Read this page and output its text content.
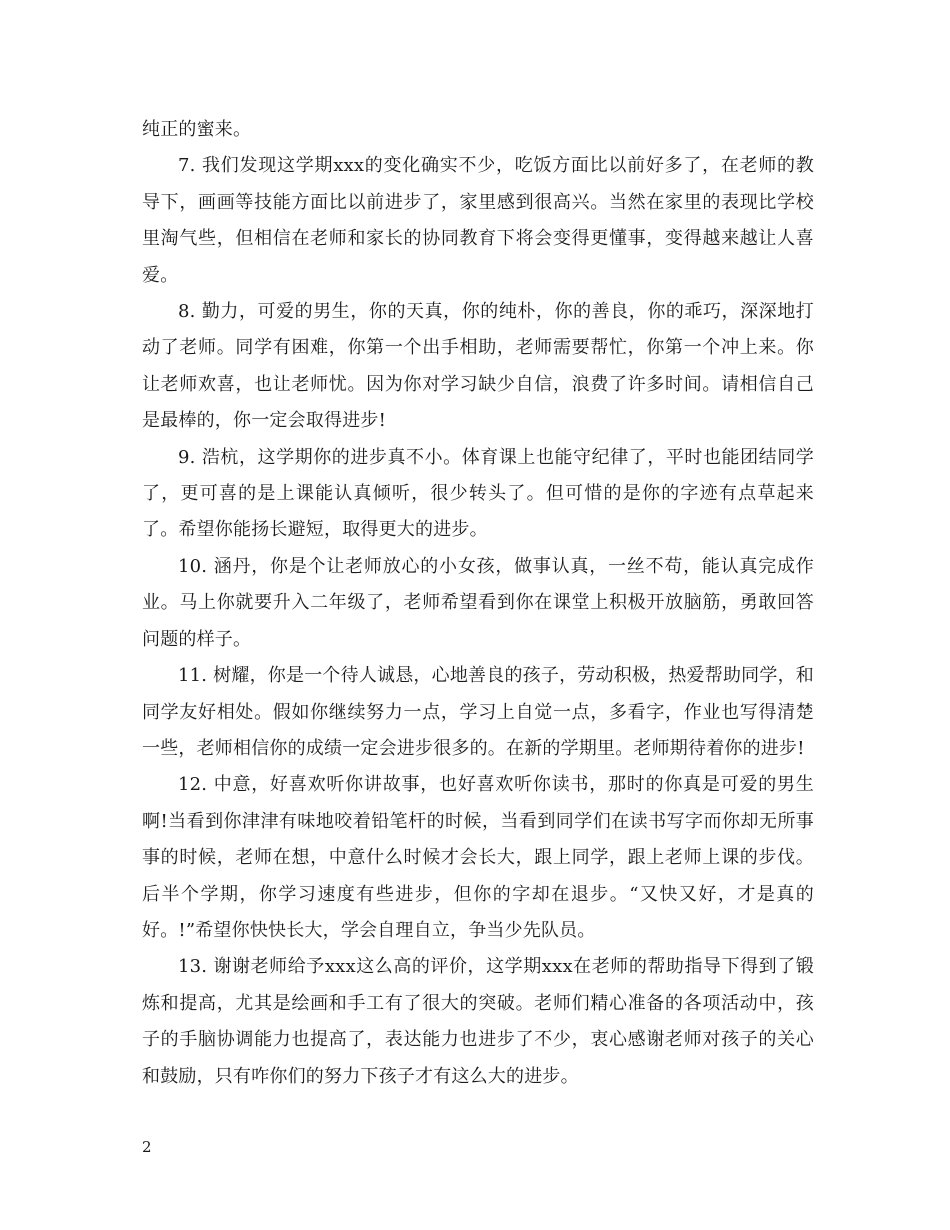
纯正的蜜来。

7. 我们发现这学期xxx的变化确实不少，吃饭方面比以前好多了，在老师的教导下，画画等技能方面比以前进步了，家里感到很高兴。当然在家里的表现比学校里淘气些，但相信在老师和家长的协同教育下将会变得更懂事，变得越来越让人喜爱。

8. 勤力，可爱的男生，你的天真，你的纯朴，你的善良，你的乖巧，深深地打动了老师。同学有困难，你第一个出手相助，老师需要帮忙，你第一个冲上来。你让老师欢喜，也让老师忧。因为你对学习缺少自信，浪费了许多时间。请相信自己是最棒的，你一定会取得进步!

9. 浩杭，这学期你的进步真不小。体育课上也能守纪律了，平时也能团结同学了，更可喜的是上课能认真倾听，很少转头了。但可惜的是你的字迹有点草起来了。希望你能扬长避短，取得更大的进步。

10. 涵丹，你是个让老师放心的小女孩，做事认真，一丝不苟，能认真完成作业。马上你就要升入二年级了，老师希望看到你在课堂上积极开放脑筋，勇敢回答问题的样子。

11. 树耀，你是一个待人诚恳，心地善良的孩子，劳动积极，热爱帮助同学，和同学友好相处。假如你继续努力一点，学习上自觉一点，多看字，作业也写得清楚一些，老师相信你的成绩一定会进步很多的。在新的学期里。老师期待着你的进步!

12. 中意，好喜欢听你讲故事，也好喜欢听你读书，那时的你真是可爱的男生啊!当看到你津津有味地咬着铅笔杆的时候，当看到同学们在读书写字而你却无所事事的时候，老师在想，中意什么时候才会长大，跟上同学，跟上老师上课的步伐。后半个学期，你学习速度有些进步，但你的字却在退步。“又快又好，才是真的好。!”希望你快快长大，学会自理自立，争当少先队员。

13. 谢谢老师给予xxx这么高的评价，这学期xxx在老师的帮助指导下得到了锻炼和提高，尤其是绘画和手工有了很大的突破。老师们精心准备的各项活动中，孩子的手脑协调能力也提高了，表达能力也进步了不少，衷心感谢老师对孩子的关心和鼓励，只有咋你们的努力下孩子才有这么大的进步。

2
